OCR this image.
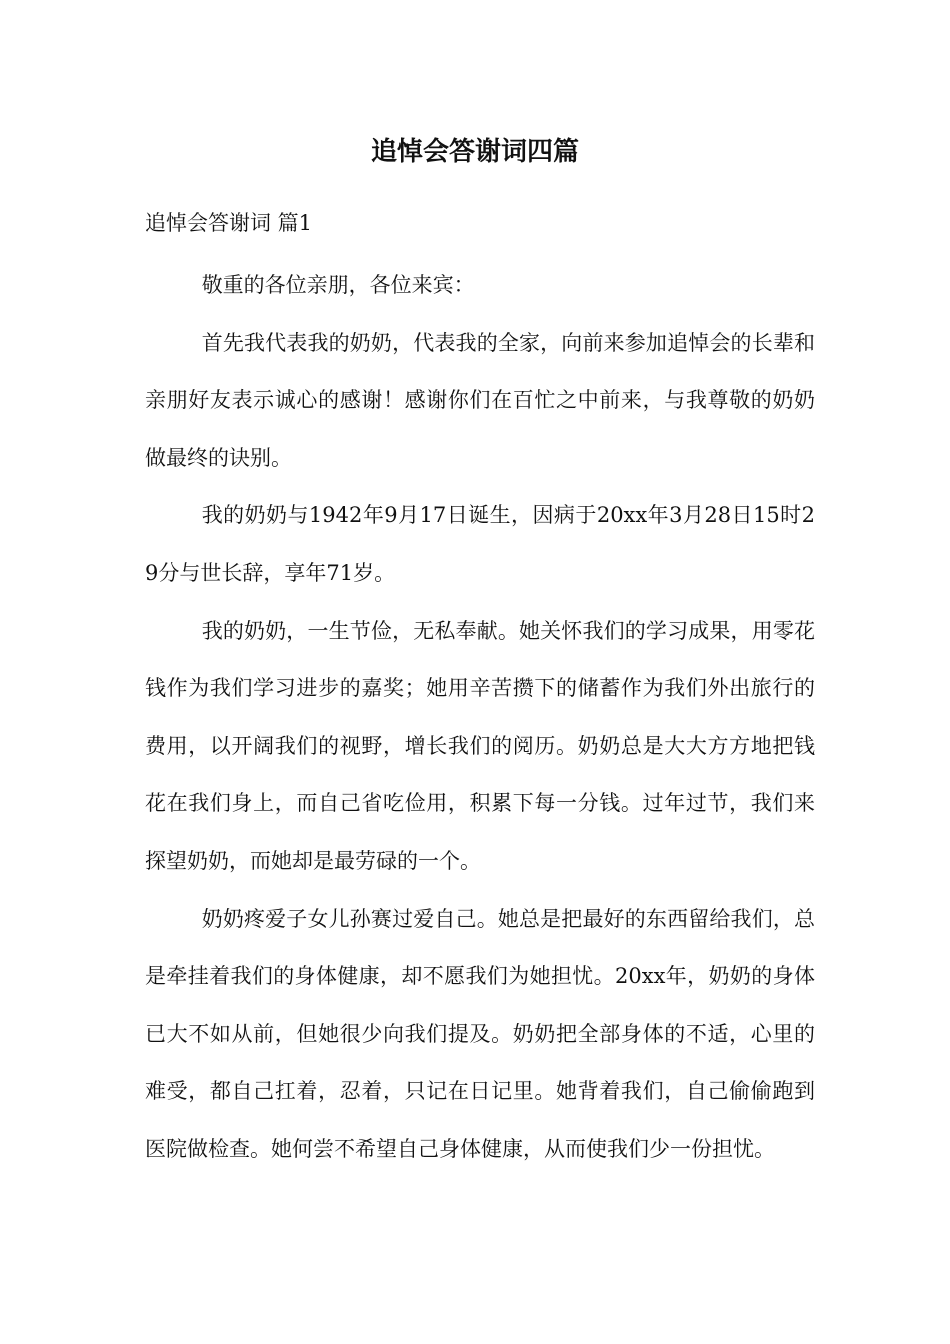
追悼会答谢词四篇
追悼会答谢词 篇1

敬重的各位亲朋，各位来宾：

首先我代表我的奶奶，代表我的全家，向前来参加追悼会的长辈和亲朋好友表示诚心的感谢！感谢你们在百忙之中前来，与我尊敬的奶奶做最终的诀别。

我的奶奶与1942年9月17日诞生，因病于20xx年3月28日15时29分与世长辞，享年71岁。

我的奶奶，一生节俭，无私奉献。她关怀我们的学习成果，用零花钱作为我们学习进步的嘉奖；她用辛苦攒下的储蓄作为我们外出旅行的费用，以开阔我们的视野，增长我们的阅历。奶奶总是大大方方地把钱花在我们身上，而自己省吃俭用，积累下每一分钱。过年过节，我们来探望奶奶，而她却是最劳碌的一个。

奶奶疼爱子女儿孙赛过爱自己。她总是把最好的东西留给我们，总是牵挂着我们的身体健康，却不愿我们为她担忧。20xx年，奶奶的身体已大不如从前，但她很少向我们提及。奶奶把全部身体的不适，心里的难受，都自己扛着，忍着，只记在日记里。她背着我们，自己偷偷跑到医院做检查。她何尝不希望自己身体健康，从而使我们少一份担忧。
